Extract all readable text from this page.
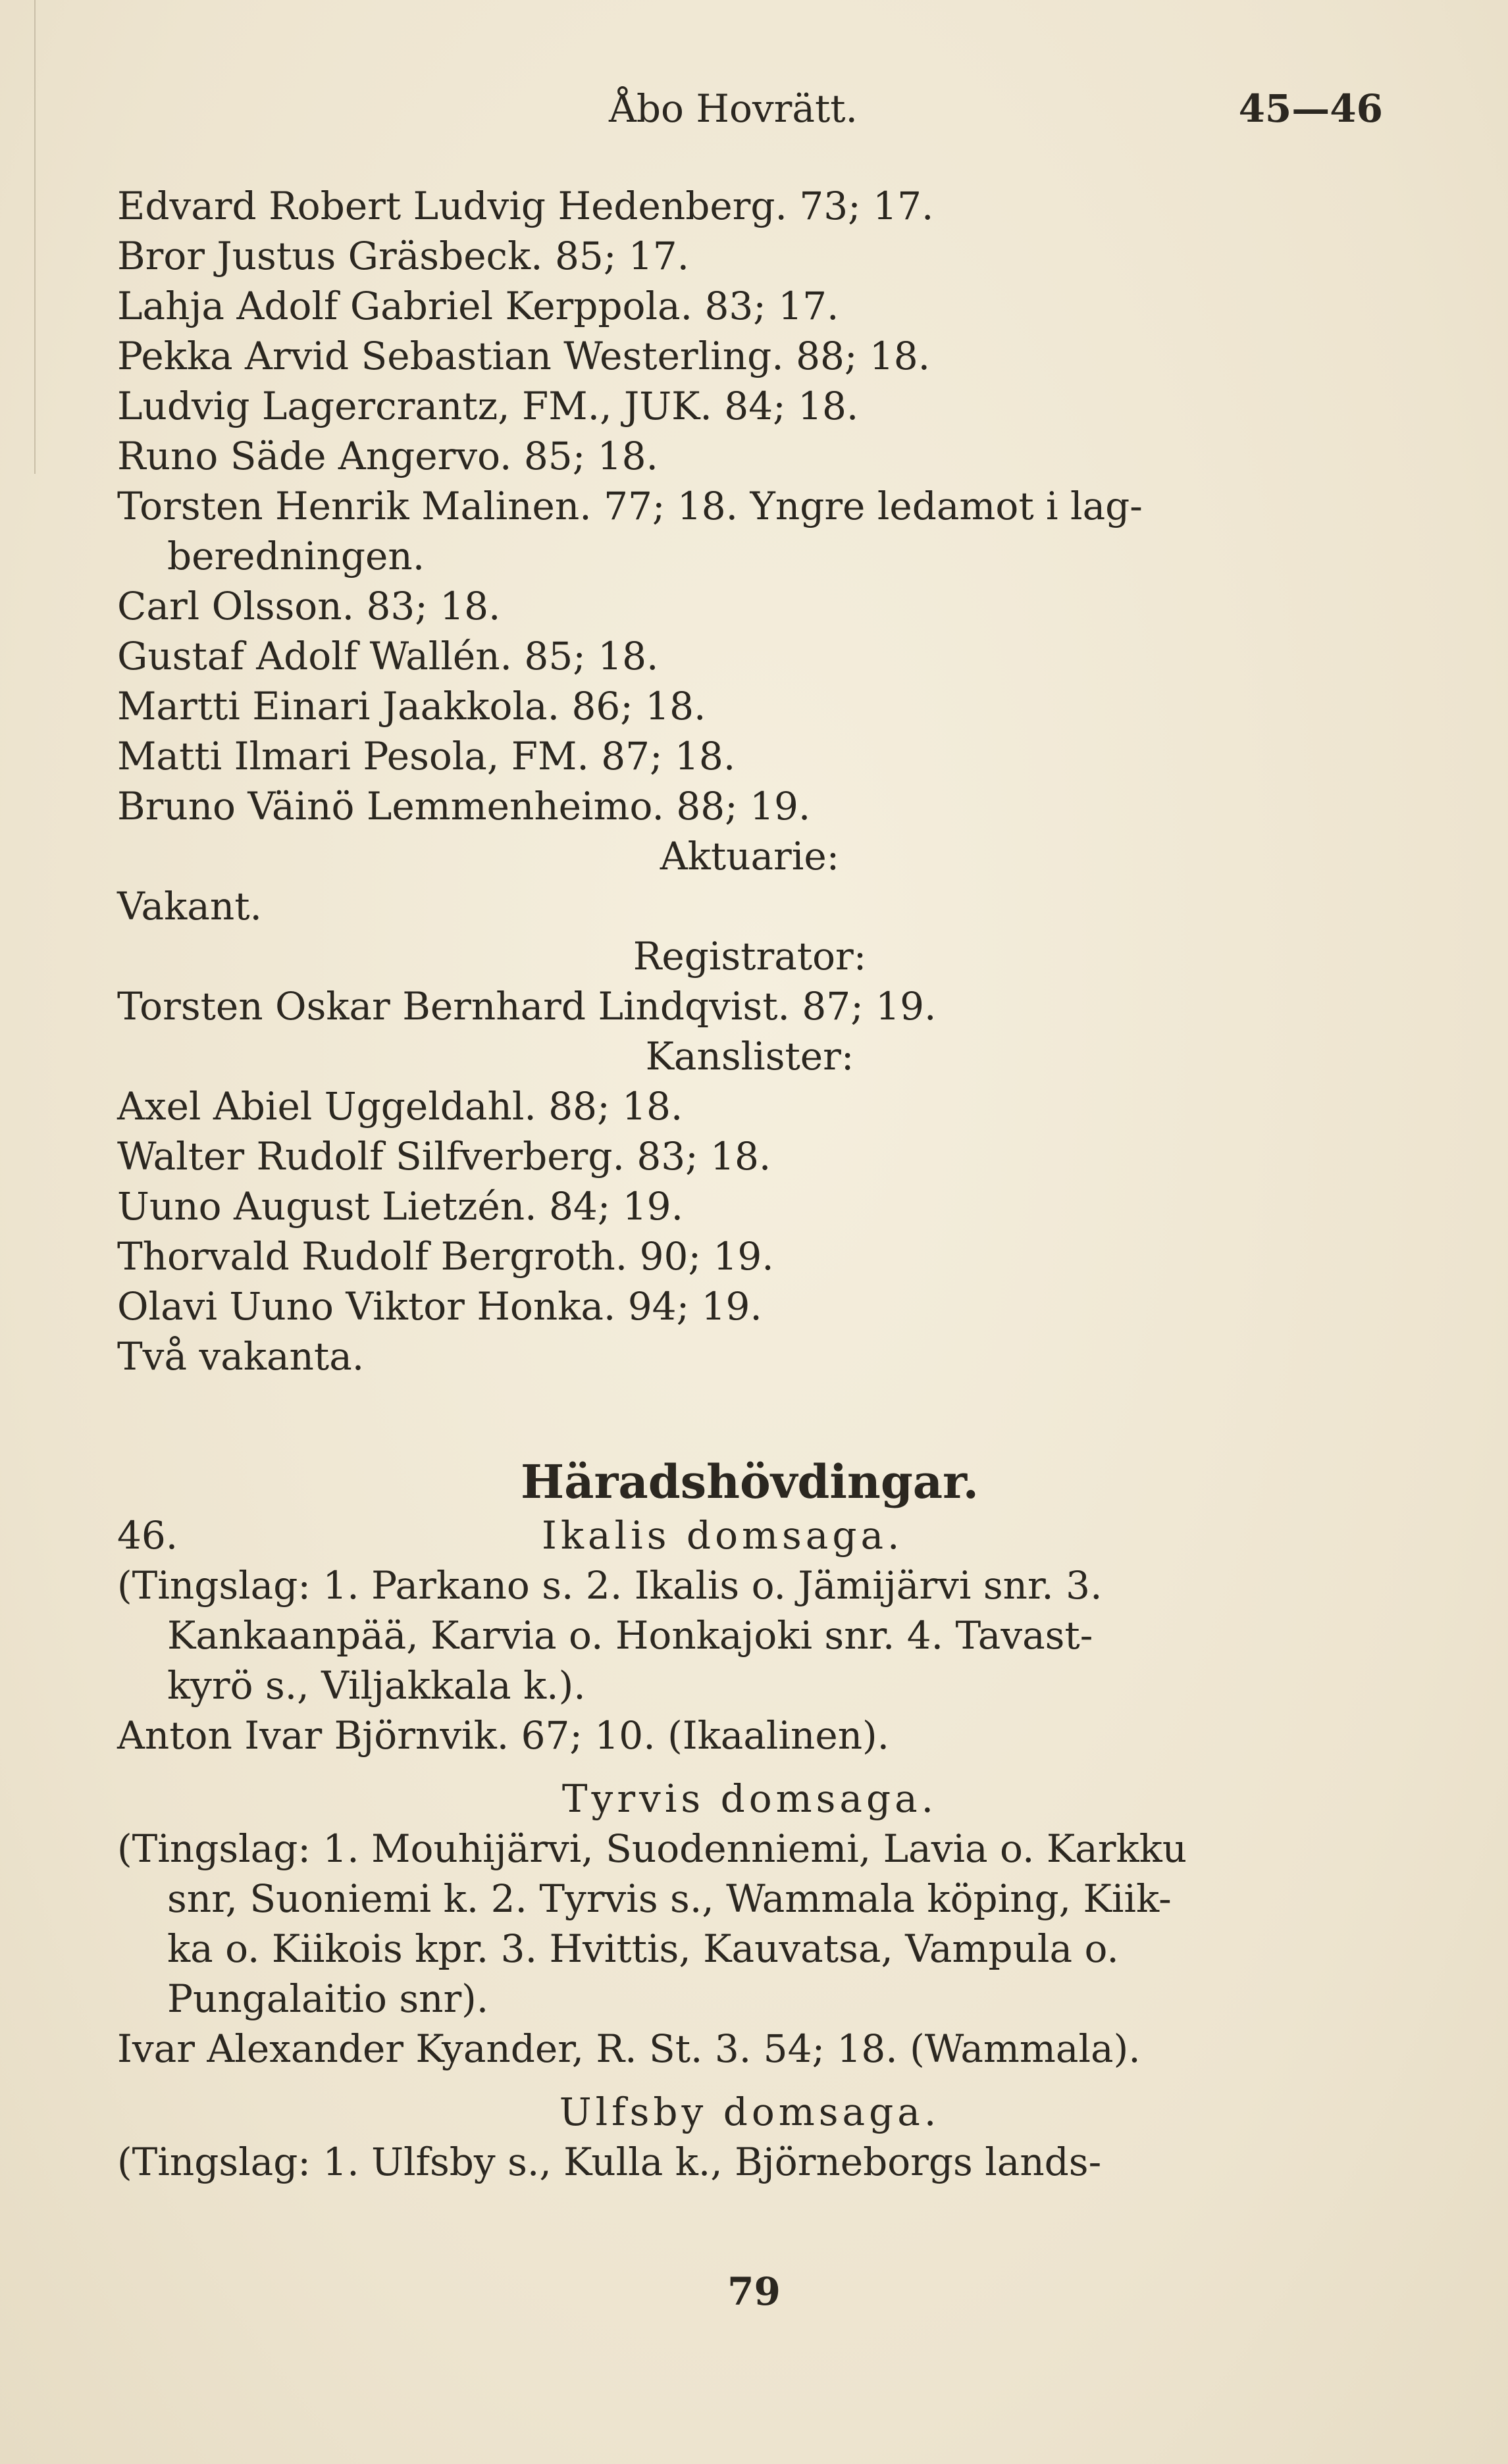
Åbo Hovrätt.	45—46
Edvard Robert Ludvig Hedenberg. 73; 17.
Bror Justus Gräsbeck. 85; 17.
Lahja Adolf Gabriel Kerppola. 83; 17.
Pekka Arvid Sebastian Westerling. 88; 18.
Ludvig Lagercrantz, FM., JUK. 84; 18.
Runo Säde Angervo. 85; 18.
Torsten Henrik Malinen. 77; 18. Yngre ledamot i lag-
beredningen.
Carl Olsson. 83; 18.
Gustaf Adolf Wallén. 85; 18.
Martti Einari Jaakkola. 86; 18.
Matti Ilmari Pesola, FM. 87; 18.
Bruno Väinö Lemmenheimo. 88; 19.
Aktuarie:
Vakant.
Registrator:
Torsten Oskar Bernhard Lindqvist. 87; 19.
Kanslister:
Axel Abiel Uggeldahl. 88; 18.
Walter Rudolf Silfverberg. 83; 18.
Uuno August Lietzén. 84; 19.
Thorvald Rudolf Bergroth. 90; 19.
Olavi Uuno Viktor Honka. 94; 19.
Två vakanta.
Häradshövdingar.
46.	Ikalis domsaga.
(Tingslag: 1. Parkano s. 2. Ikalis o. Jämijärvi snr. 3.
Kankaanpää, Karvia o. Honkajoki snr. 4. Tavast-
kyrö s., Viljakkala k.).
Anton Ivar Björnvik. 67; 10. (Ikaalinen).
Tyrvis domsaga.
(Tingslag: 1. Mouhijärvi, Suodenniemi, Lavia o. Karkku
snr, Suoniemi k. 2. Tyrvis s., Wammala köping, Kiik-
ka o. Kiikois kpr. 3. Hvittis, Kauvatsa, Vampula o.
Pungalaitio snr).
Ivar Alexander Kyander, R. St. 3. 54; 18. (Wammala).
Ulfsby domsaga.
(Tingslag: 1. Ulfsby s., Kulla k., Björneborgs lands-
79
